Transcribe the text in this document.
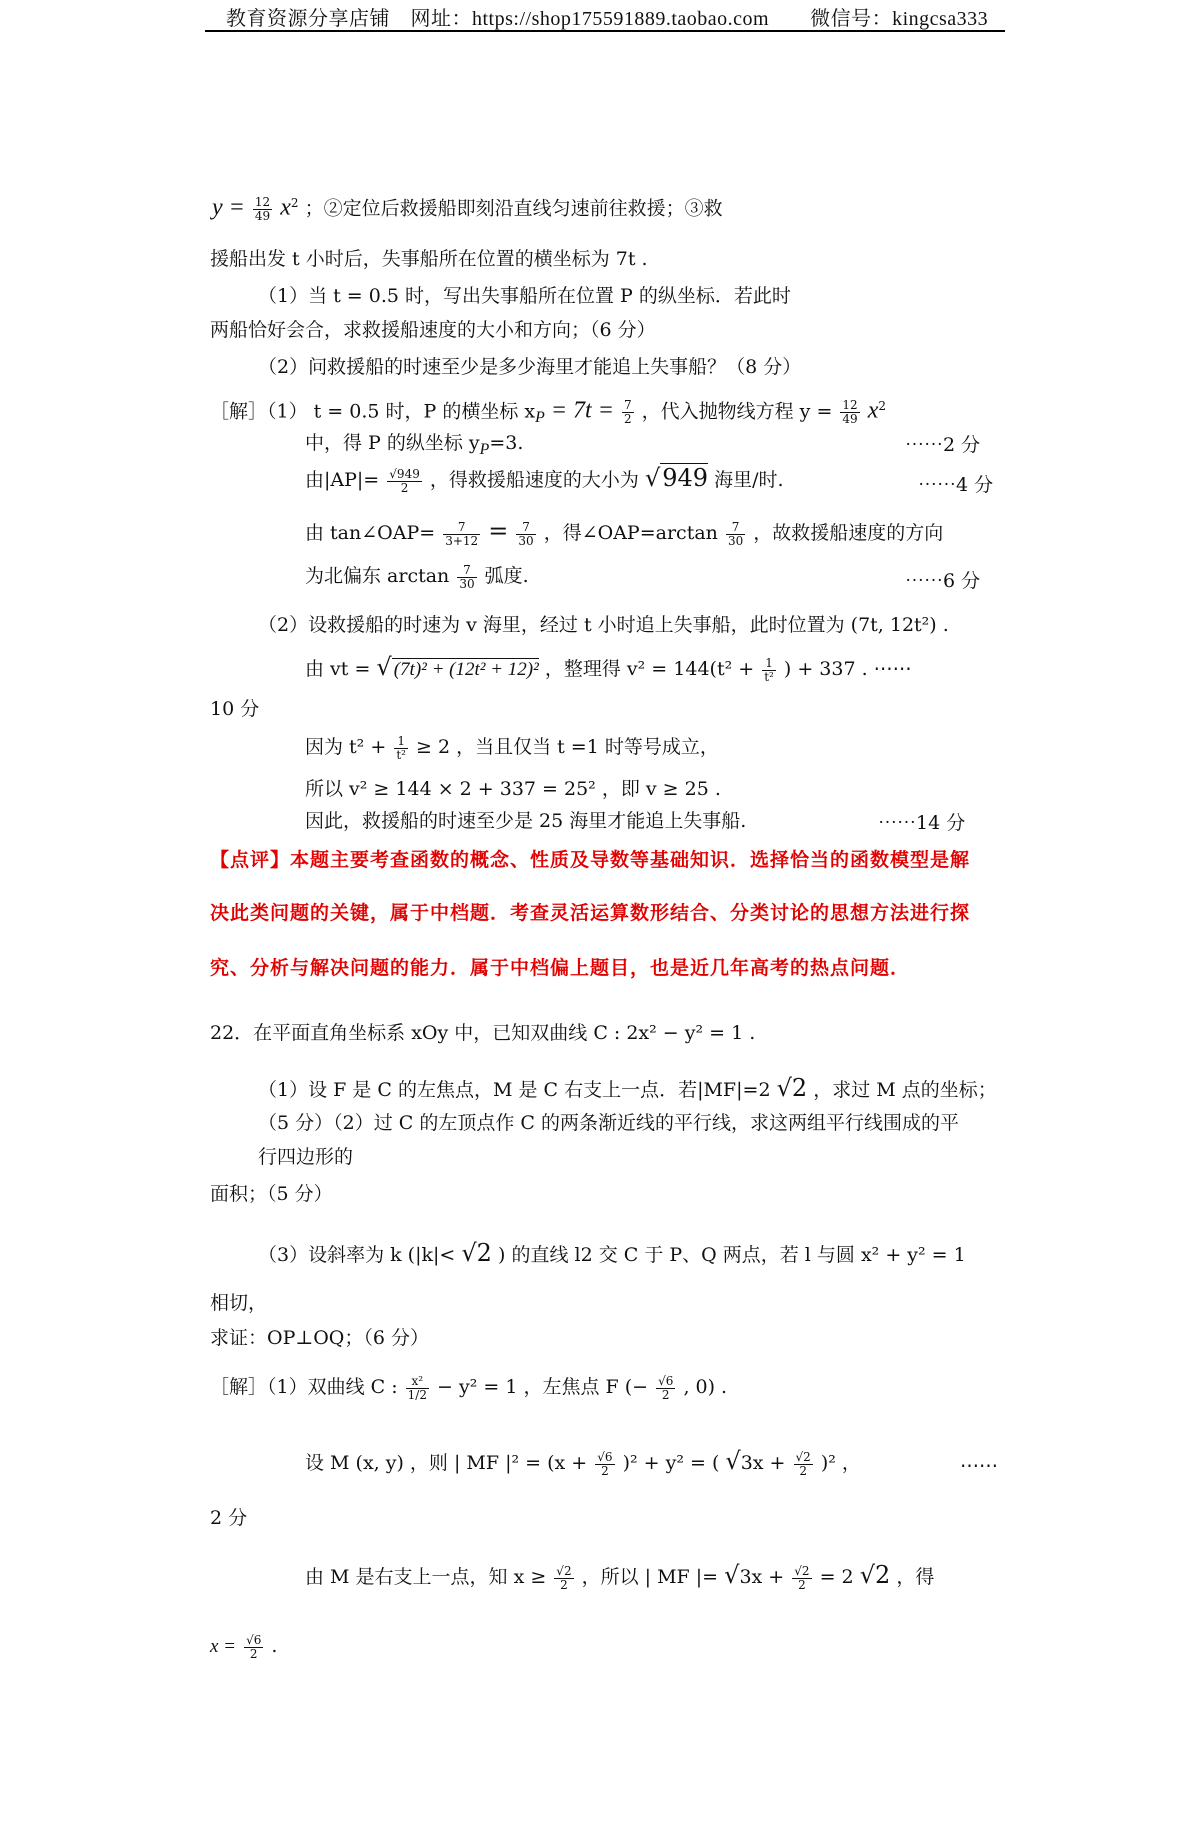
教育资源分享店铺　网址：https://shop175591889.taobao.com　　微信号：kingcsa333
$y = \frac{12}{49} x^2$ ；②定位后救援船即刻沿直线匀速前往救援；③救
援船出发 t 小时后，失事船所在位置的横坐标为 7t .
（1）当 t = 0.5 时，写出失事船所在位置 P 的纵坐标．若此时
两船恰好会合，求救援船速度的大小和方向；（6 分）
（2）问救援船的时速至少是多少海里才能追上失事船？（8 分）
［解］（1） t = 0.5 时，P 的横坐标 $x_P = 7t = \frac{7}{2}$ ，代入抛物线方程 $y = \frac{12}{49} x^2$
中，得 P 的纵坐标 $y_P=3$.	⋯⋯2 分
由$|AP|= \frac{√949}{2}$ ，得救援船速度的大小为 √949 海里/时.	⋯⋯4 分
由 tan∠OAP= $\frac{7}{3+12} = \frac{7}{30}$ ，得∠OAP=arctan $\frac{7}{30}$ ，故救援船速度的方向
为北偏东 $\arctan \frac{7}{30}$ 弧度.	⋯⋯6 分
（2）设救援船的时速为 v 海里，经过 t 小时追上失事船，此时位置为 (7t, 12t²) .
由 vt = √ (7t)² + (12t² + 12)² ，整理得 $v^2 = 144(t^2 + \frac{1}{\text{t²}}$ ) + 337 . ⋯⋯
10 分
因为 $t^2 + \frac{1}{\text{t²}} \ge 2$ ，当且仅当 t =1 时等号成立，
所以 v² ≥ 144 × 2 + 337 = 25² ，即 v ≥ 25 .
因此，救援船的时速至少是 25 海里才能追上失事船.	⋯⋯14 分
【点评】本题主要考查函数的概念、性质及导数等基础知识．选择恰当的函数模型是解
决此类问题的关键，属于中档题．考查灵活运算数形结合、分类讨论的思想方法进行探
究、分析与解决问题的能力．属于中档偏上题目，也是近几年高考的热点问题．
22．在平面直角坐标系 xOy 中，已知双曲线 C : 2x² − y² = 1 .
（1）设 F 是 C 的左焦点，M 是 C 右支上一点．若|MF|=2 √2 ，求过 M 点的坐标；
（5 分）（2）过 C 的左顶点作 C 的两条渐近线的平行线，求这两组平行线围成的平
行四边形的
面积；（5 分）
（3）设斜率为 k (|k|< √2 ) 的直线 l2 交 C 于 P、Q 两点，若 l 与圆 x² + y² = 1
相切，
求证：OP⊥OQ；（6 分）
［解］（1）双曲线 C : $\frac{\text{x²}}{1/2} - y^2 = 1$ ，左焦点 F (− $\frac{√6}{2}$ , 0) .
设 M (x, y) ，则 | MF $|^2 = (x + \frac{√6}{2} )^2 + y^2$ = ( $√3x + \frac{√2}{2} )^2$ ，	⋯⋯
2 分
由 M 是右支上一点，知 $x \ge \frac{√2}{2}$ ，所以 | MF |= $√3x + \frac{√2}{2} = 2$ √2 ，得
$x = \frac{√6}{2}$ .
